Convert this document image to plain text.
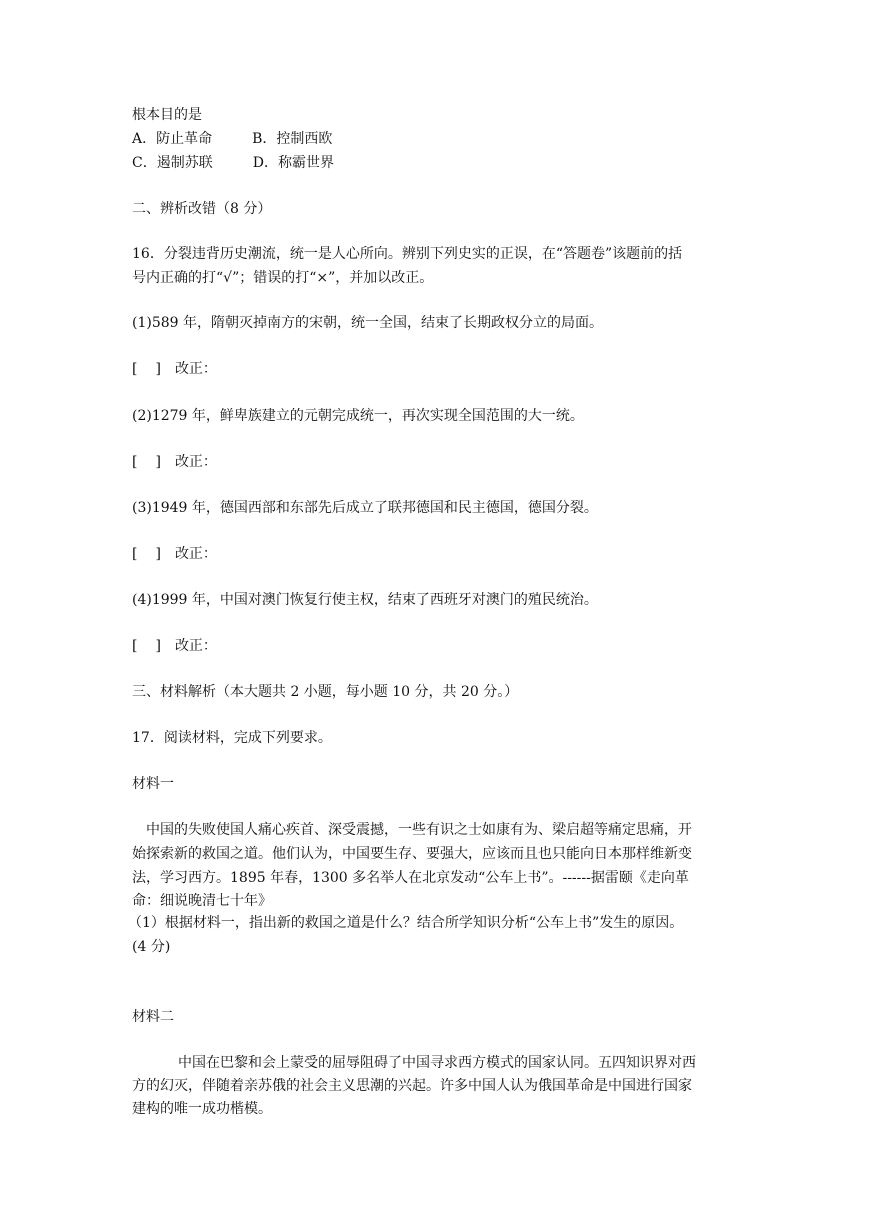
根本目的是
A．防止革命	B．控制西欧
C．遏制苏联	D．称霸世界
二、辨析改错（8 分）
16．分裂违背历史潮流，统一是人心所向。辨别下列史实的正误，在“答题卷”该题前的括
号内正确的打“√”；错误的打“×”，并加以改正。
(1)589 年，隋朝灭掉南方的宋朝，统一全国，结束了长期政权分立的局面。
[ ] 改正：
(2)1279 年，鲜卑族建立的元朝完成统一，再次实现全国范围的大一统。
[ ] 改正：
(3)1949 年，德国西部和东部先后成立了联邦德国和民主德国，德国分裂。
[ ] 改正：
(4)1999 年，中国对澳门恢复行使主权，结束了西班牙对澳门的殖民统治。
[ ] 改正：
三、材料解析（本大题共 2 小题，每小题 10 分，共 20 分。）
17．阅读材料，完成下列要求。
材料一
中国的失败使国人痛心疾首、深受震撼，一些有识之士如康有为、梁启超等痛定思痛，开
始探索新的救国之道。他们认为，中国要生存、要强大，应该而且也只能向日本那样维新变
法，学习西方。1895 年春，1300 多名举人在北京发动“公车上书”。------据雷颐《走向革
命：细说晚清七十年》
（1）根据材料一，指出新的救国之道是什么？结合所学知识分析“公车上书”发生的原因。
(4 分)
材料二
中国在巴黎和会上蒙受的屈辱阻碍了中国寻求西方模式的国家认同。五四知识界对西
方的幻灭，伴随着亲苏俄的社会主义思潮的兴起。许多中国人认为俄国革命是中国进行国家
建构的唯一成功楷模。
